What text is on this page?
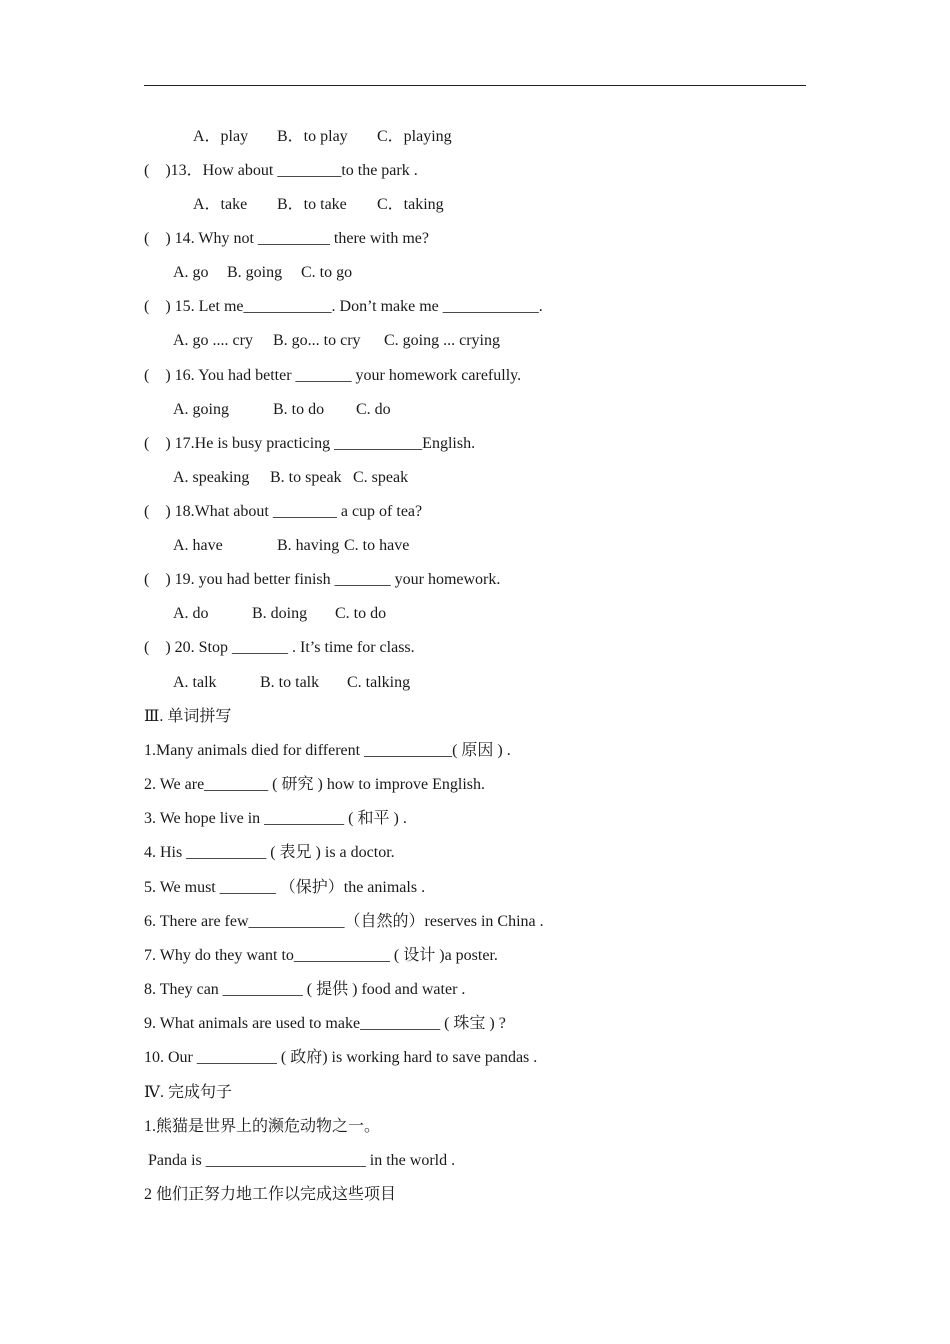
A．play B．to play C．playing
(    )13．How about ________to the park .
A．take B．to take C．taking
(    ) 14. Why not _________ there with me?
A. go B. going C. to go
(    ) 15. Let me___________. Don’t make me ____________.
A. go .... cry B. go... to cry C. going ... crying
(    ) 16. You had better _______ your homework carefully.
A. going	B. to do C. do
(    ) 17.He is busy practicing ___________English.
A. speaking B. to speak C. speak
(    ) 18.What about ________ a cup of tea?
A. have	B. having C. to have
(    ) 19. you had better finish _______ your homework.
A. do	B. doing C. to do
(    ) 20. Stop _______ . It’s time for class.
A. talk	B. to talk C. talking
Ⅲ. 单词拼写
1.Many animals died for different ___________( 原因 ) .
2. We are________ ( 研究 ) how to improve English.
3. We hope live in __________ ( 和平 ) .
4. His __________ ( 表兄 ) is a doctor.
5. We must _______ （保护）the animals .
6. There are few____________（自然的）reserves in China .
7. Why do they want to____________ ( 设计 )a poster.
8. They can __________ ( 提供 ) food and water .
9. What animals are used to make__________ ( 珠宝 ) ?
10. Our __________ ( 政府) is working hard to save pandas .
Ⅳ. 完成句子
1.熊猫是世界上的濒危动物之一。
Panda is ____________________ in the world .
2 他们正努力地工作以完成这些项目
